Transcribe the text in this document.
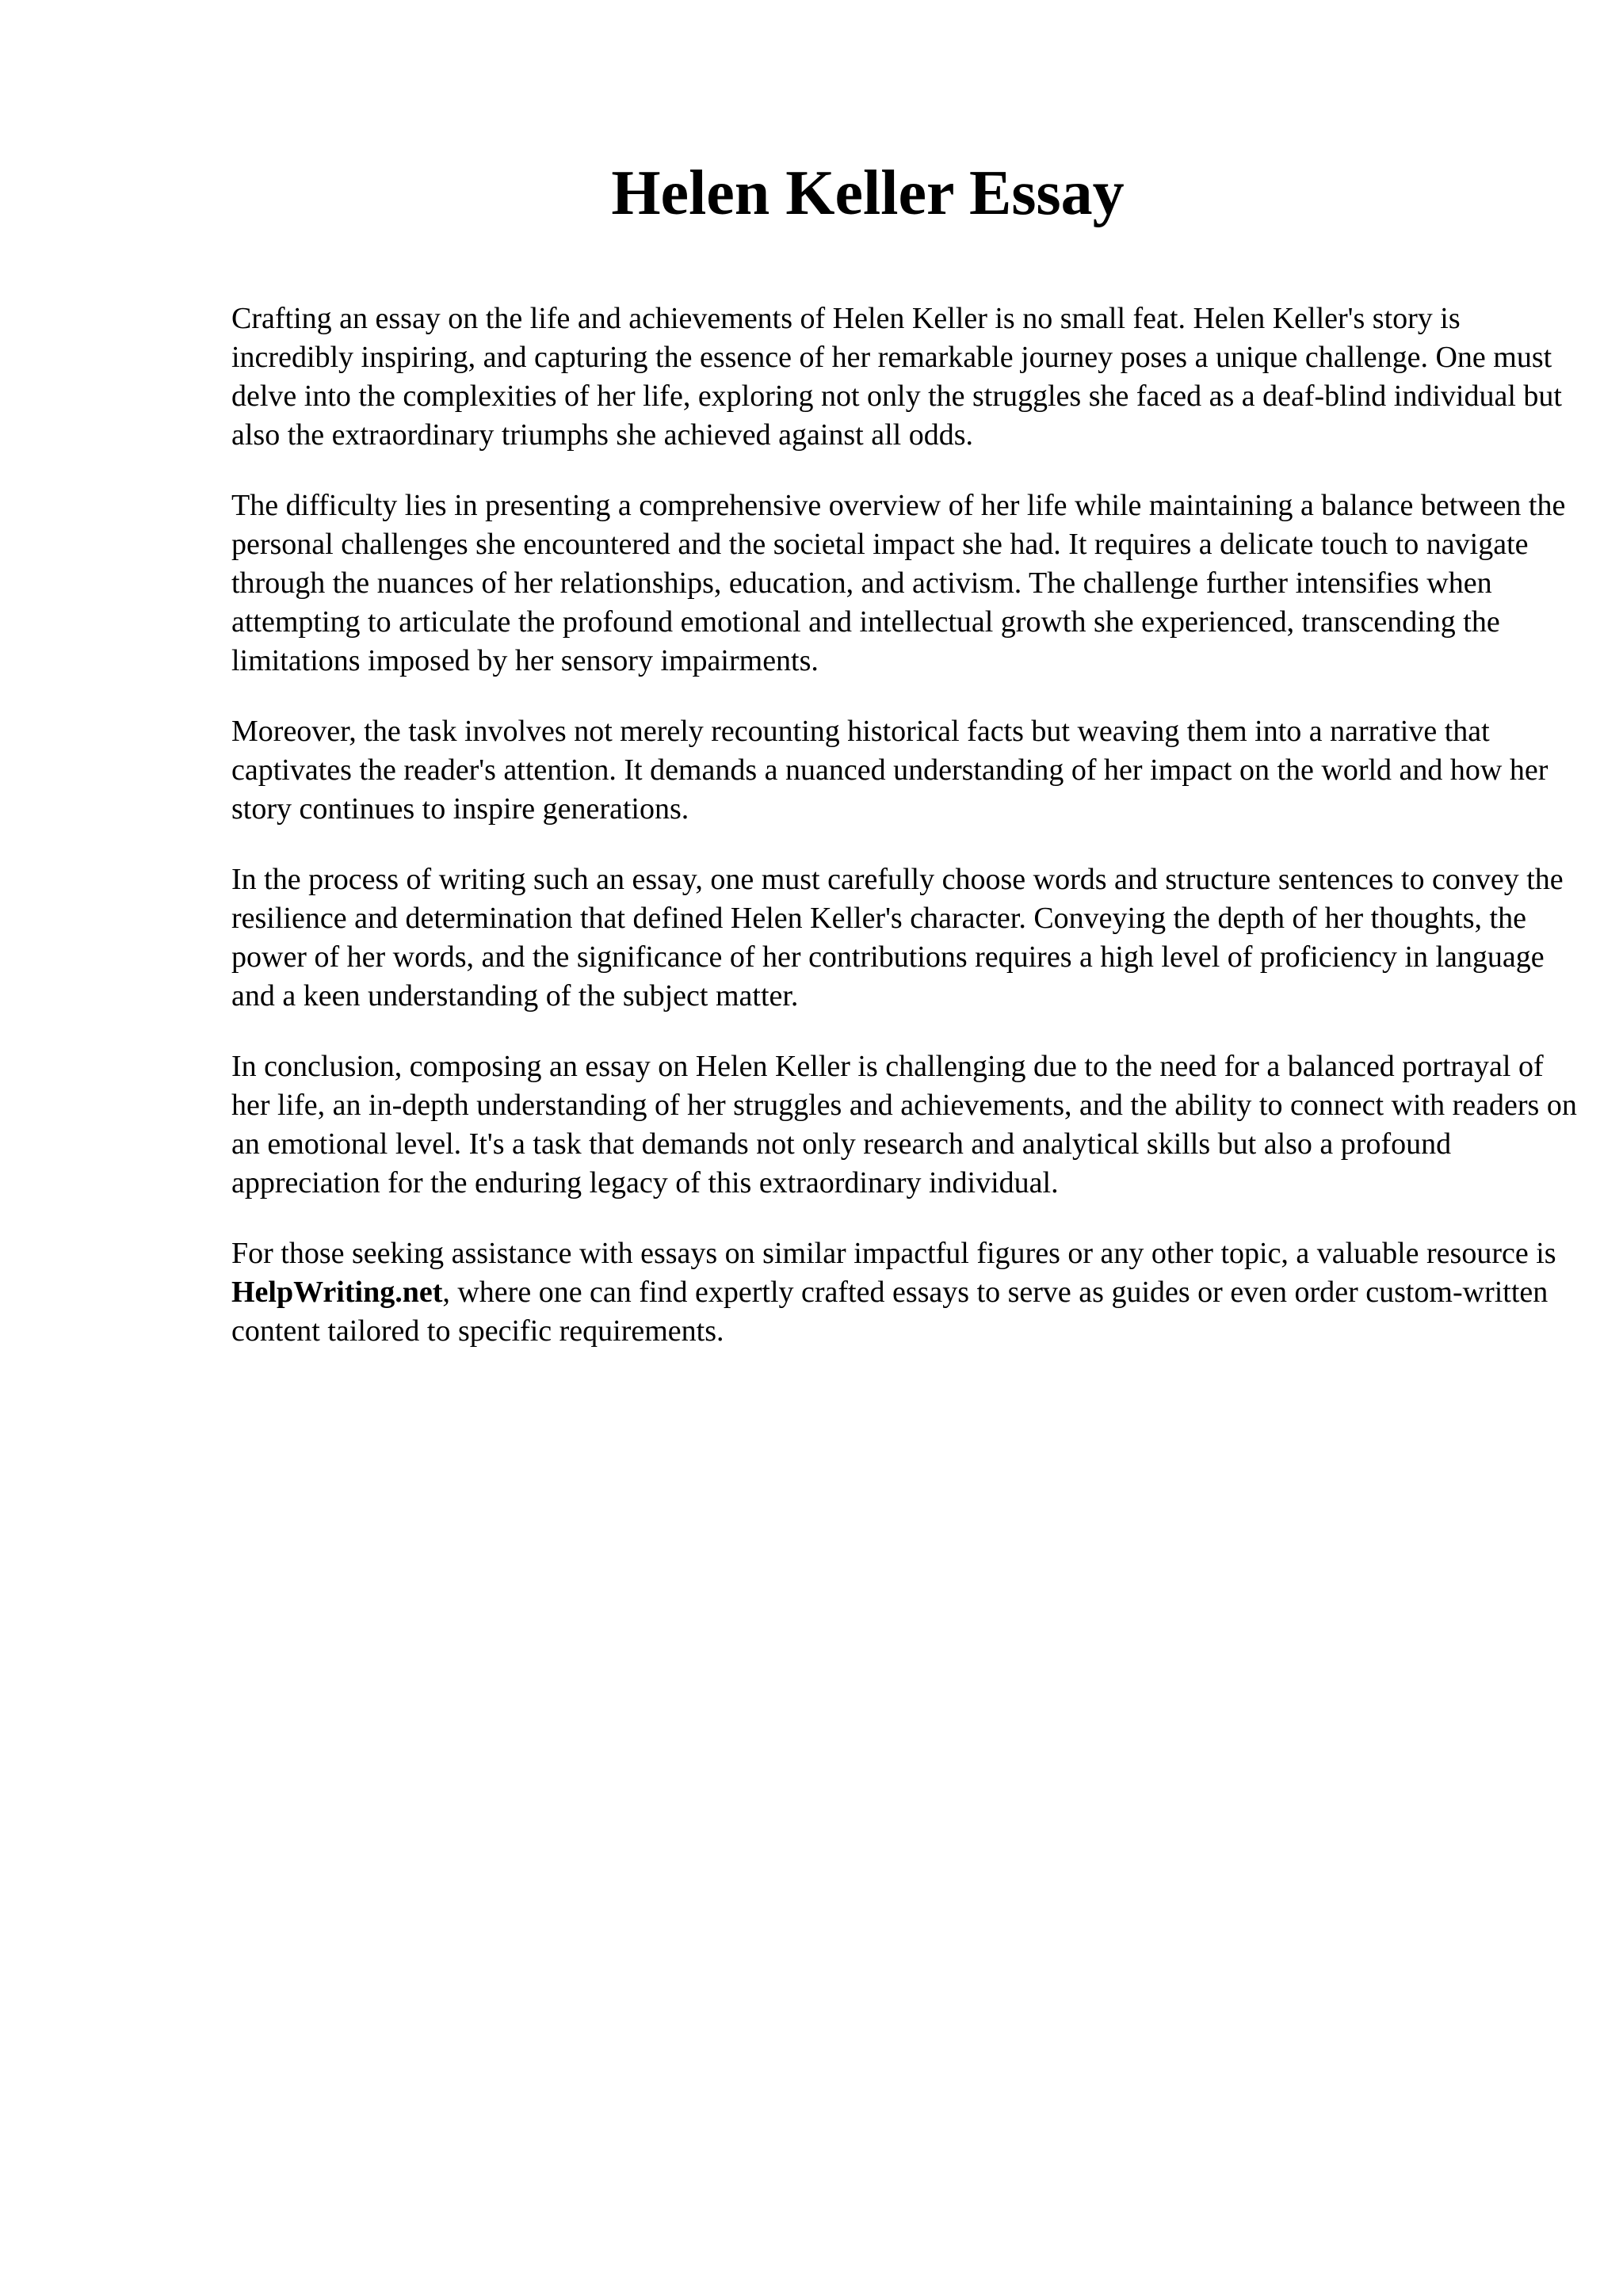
Helen Keller Essay

Crafting an essay on the life and achievements of Helen Keller is no small feat. Helen Keller's story is incredibly inspiring, and capturing the essence of her remarkable journey poses a unique challenge. One must delve into the complexities of her life, exploring not only the struggles she faced as a deaf-blind individual but also the extraordinary triumphs she achieved against all odds.

The difficulty lies in presenting a comprehensive overview of her life while maintaining a balance between the personal challenges she encountered and the societal impact she had. It requires a delicate touch to navigate through the nuances of her relationships, education, and activism. The challenge further intensifies when attempting to articulate the profound emotional and intellectual growth she experienced, transcending the limitations imposed by her sensory impairments.

Moreover, the task involves not merely recounting historical facts but weaving them into a narrative that captivates the reader's attention. It demands a nuanced understanding of her impact on the world and how her story continues to inspire generations.

In the process of writing such an essay, one must carefully choose words and structure sentences to convey the resilience and determination that defined Helen Keller's character. Conveying the depth of her thoughts, the power of her words, and the significance of her contributions requires a high level of proficiency in language and a keen understanding of the subject matter.

In conclusion, composing an essay on Helen Keller is challenging due to the need for a balanced portrayal of her life, an in-depth understanding of her struggles and achievements, and the ability to connect with readers on an emotional level. It's a task that demands not only research and analytical skills but also a profound appreciation for the enduring legacy of this extraordinary individual.

For those seeking assistance with essays on similar impactful figures or any other topic, a valuable resource is HelpWriting.net, where one can find expertly crafted essays to serve as guides or even order custom-written content tailored to specific requirements.
